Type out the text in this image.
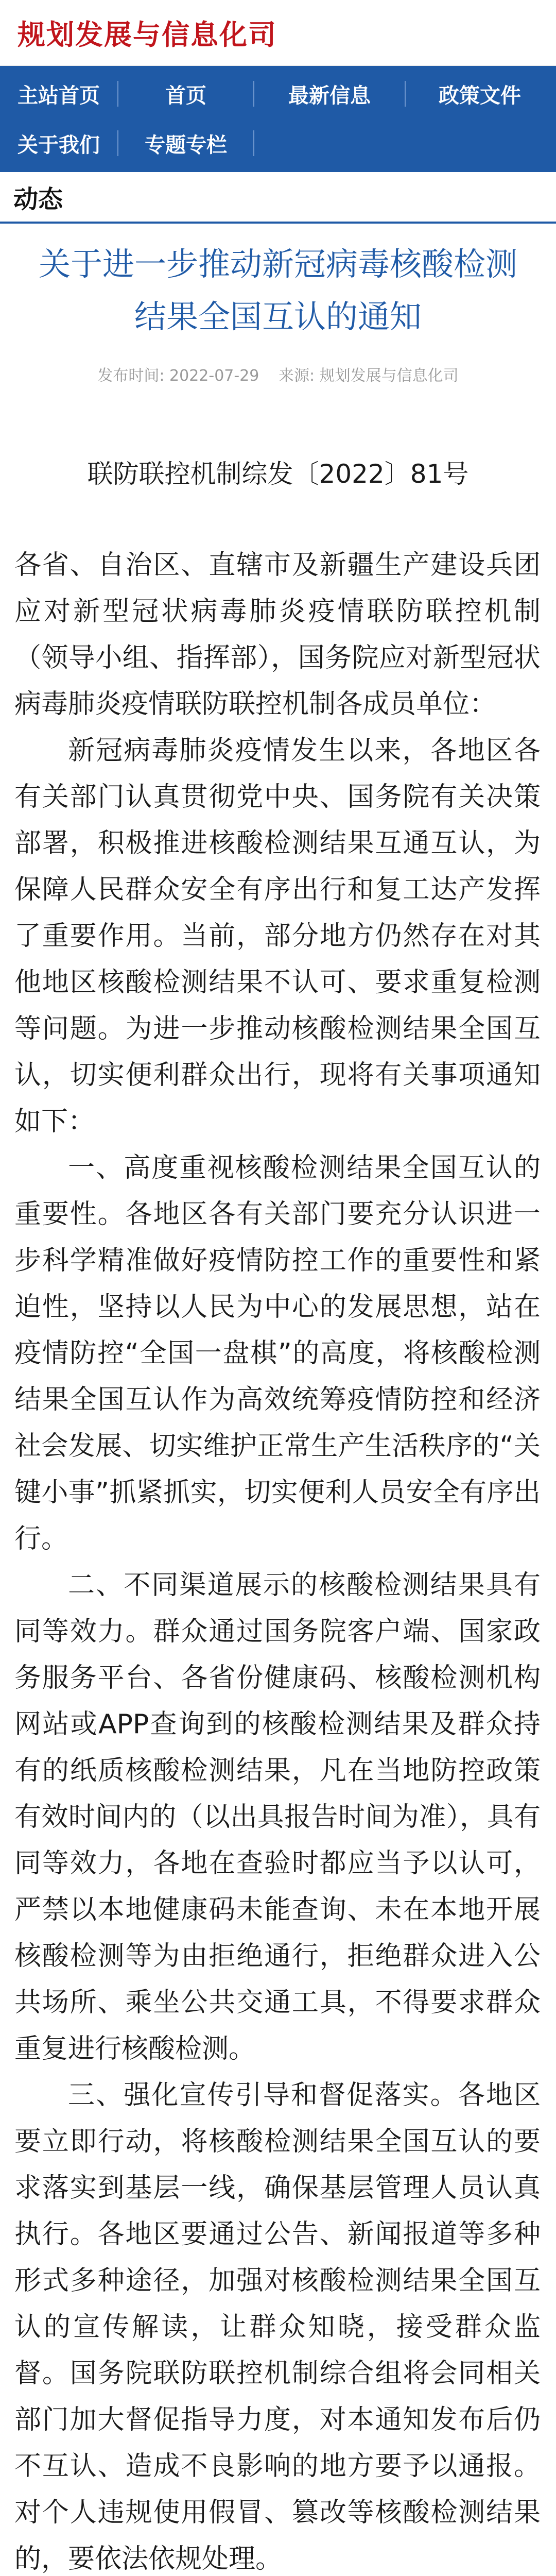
规划发展与信息化司
主站首页	首页	最新信息	政策文件
关于我们	专题专栏
动态
关于进一步推动新冠病毒核酸检测结果全国互认的通知
发布时间: 2022-07-29 来源: 规划发展与信息化司
联防联控机制综发〔2022〕81号

各省、自治区、直辖市及新疆生产建设兵团应对新型冠状病毒肺炎疫情联防联控机制（领导小组、指挥部），国务院应对新型冠状病毒肺炎疫情联防联控机制各成员单位：

新冠病毒肺炎疫情发生以来，各地区各有关部门认真贯彻党中央、国务院有关决策部署，积极推进核酸检测结果互通互认，为保障人民群众安全有序出行和复工达产发挥了重要作用。当前，部分地方仍然存在对其他地区核酸检测结果不认可、要求重复检测等问题。为进一步推动核酸检测结果全国互认，切实便利群众出行，现将有关事项通知如下：

一、高度重视核酸检测结果全国互认的重要性。各地区各有关部门要充分认识进一步科学精准做好疫情防控工作的重要性和紧迫性，坚持以人民为中心的发展思想，站在疫情防控“全国一盘棋”的高度，将核酸检测结果全国互认作为高效统筹疫情防控和经济社会发展、切实维护正常生产生活秩序的“关键小事”抓紧抓实，切实便利人员安全有序出行。

二、不同渠道展示的核酸检测结果具有同等效力。群众通过国务院客户端、国家政务服务平台、各省份健康码、核酸检测机构网站或APP查询到的核酸检测结果及群众持有的纸质核酸检测结果，凡在当地防控政策有效时间内的（以出具报告时间为准），具有同等效力，各地在查验时都应当予以认可，严禁以本地健康码未能查询、未在本地开展核酸检测等为由拒绝通行，拒绝群众进入公共场所、乘坐公共交通工具，不得要求群众重复进行核酸检测。

三、强化宣传引导和督促落实。各地区要立即行动，将核酸检测结果全国互认的要求落实到基层一线，确保基层管理人员认真执行。各地区要通过公告、新闻报道等多种形式多种途径，加强对核酸检测结果全国互认的宣传解读，让群众知晓，接受群众监督。国务院联防联控机制综合组将会同相关部门加大督促指导力度，对本通知发布后仍不互认、造成不良影响的地方要予以通报。对个人违规使用假冒、篡改等核酸检测结果的，要依法依规处理。
